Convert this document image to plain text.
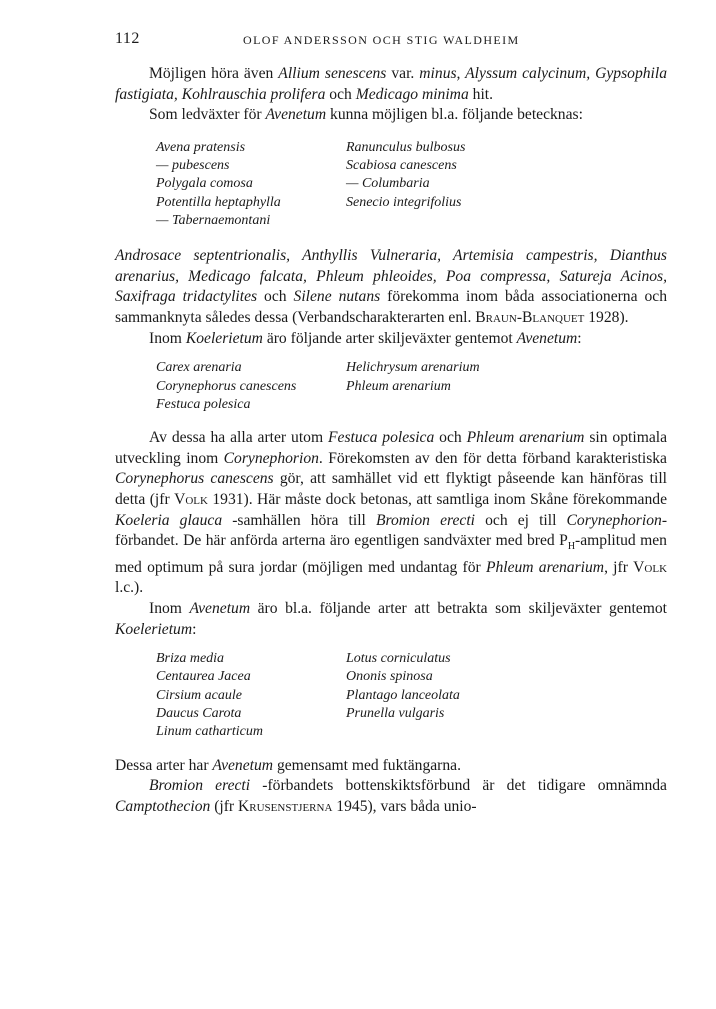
112	OLOF ANDERSSON OCH STIG WALDHEIM

Möjligen höra även Allium senescens var. minus, Alyssum calycinum, Gypsophila fastigiata, Kohlrauschia prolifera och Medicago minima hit.

Som ledväxter för Avenetum kunna möjligen bl.a. följande betecknas:

Avena pratensis	Ranunculus bulbosus
— pubescens	Scabiosa canescens
Polygala comosa	— Columbaria
Potentilla heptaphylla	Senecio integrifolius
— Tabernaemontani

Androsace septentrionalis, Anthyllis Vulneraria, Artemisia campestris, Dianthus arenarius, Medicago falcata, Phleum phleoides, Poa compressa, Satureja Acinos, Saxifraga tridactylites och Silene nutans förekomma inom båda associationerna och sammanknyta således dessa (Verbandscharakterarten enl. Braun-Blanquet 1928).

Inom Koelerietum äro följande arter skiljeväxter gentemot Avenetum:

Carex arenaria	Helichrysum arenarium
Corynephorus canescens	Phleum arenarium
Festuca polesica

Av dessa ha alla arter utom Festuca polesica och Phleum arenarium sin optimala utveckling inom Corynephorion. Förekomsten av den för detta förband karakteristiska Corynephorus canescens gör, att samhället vid ett flyktigt påseende kan hänföras till detta (jfr Volk 1931). Här måste dock betonas, att samtliga inom Skåne förekommande Koeleria glauca -samhällen höra till Bromion erecti och ej till Corynephorion-förbandet. De här anförda arterna äro egentligen sandväxter med bred $P_H$-amplitud men med optimum på sura jordar (möjligen med undantag för Phleum arenarium, jfr Volk l.c.).

Inom Avenetum äro bl.a. följande arter att betrakta som skiljeväxter gentemot Koelerietum:

Briza media	Lotus corniculatus
Centaurea Jacea	Ononis spinosa
Cirsium acaule	Plantago lanceolata
Daucus Carota	Prunella vulgaris
Linum catharticum

Dessa arter har Avenetum gemensamt med fuktängarna.

Bromion erecti -förbandets bottenskiktsförbund är det tidigare omnämnda Camptothecion (jfr Krusenstjerna 1945), vars båda unio-
